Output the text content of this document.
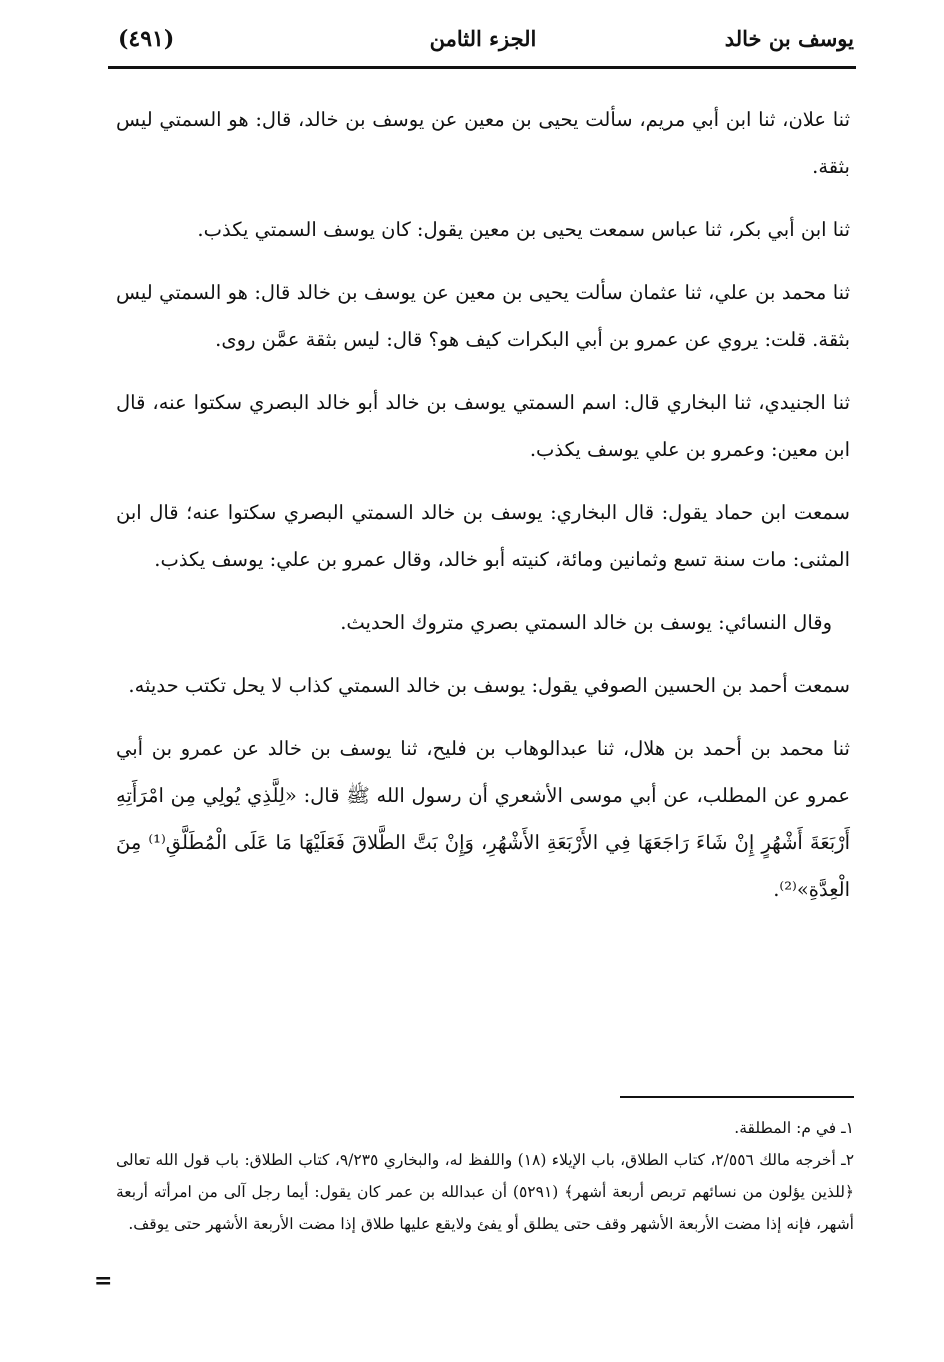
يوسف بن خالد
الجزء الثامن
(٤٩١)

ثنا علان، ثنا ابن أبي مريم، سألت يحيى بن معين عن يوسف بن خالد، قال: هو السمتي ليس بثقة.

ثنا ابن أبي بكر، ثنا عباس سمعت يحيى بن معين يقول: كان يوسف السمتي يكذب.

ثنا محمد بن علي، ثنا عثمان سألت يحيى بن معين عن يوسف بن خالد قال: هو السمتي ليس بثقة. قلت: يروي عن عمرو بن أبي البكرات كيف هو؟ قال: ليس بثقة عمَّن روى.

ثنا الجنيدي، ثنا البخاري قال: اسم السمتي يوسف بن خالد أبو خالد البصري سكتوا عنه، قال ابن معين: وعمرو بن علي يوسف يكذب.

سمعت ابن حماد يقول: قال البخاري: يوسف بن خالد السمتي البصري سكتوا عنه؛ قال ابن المثنى: مات سنة تسع وثمانين ومائة، كنيته أبو خالد، وقال عمرو بن علي: يوسف يكذب.

وقال النسائي: يوسف بن خالد السمتي بصري متروك الحديث.

سمعت أحمد بن الحسين الصوفي يقول: يوسف بن خالد السمتي كذاب لا يحل تكتب حديثه.

ثنا محمد بن أحمد بن هلال، ثنا عبدالوهاب بن فليح، ثنا يوسف بن خالد عن عمرو بن أبي عمرو عن المطلب، عن أبي موسى الأشعري أن رسول الله ﷺ قال: «لِلَّذِي يُولِي مِن امْرَأَتِهِ أَرْبَعَةَ أَشْهُرٍ إِنْ شَاءَ رَاجَعَهَا فِي الأَرْبَعَةِ الأَشْهُرِ، وَإِنْ بَتَّ الطَّلاقَ فَعَلَيْهَا مَا عَلَى الْمُطَلَّقِ⁽¹⁾ مِنَ الْعِدَّةِ»⁽²⁾.

١ـ في م: المطلقة.

٢ـ أخرجه مالك ٢/٥٥٦، كتاب الطلاق، باب الإيلاء (١٨) واللفظ له، والبخاري ٩/٢٣٥، كتاب الطلاق: باب قول الله تعالى ﴿للذين يؤلون من نسائهم تربص أربعة أشهر﴾ (٥٢٩١) أن عبدالله بن عمر كان يقول: أيما رجل آلى من امرأته أربعة أشهر، فإنه إذا مضت الأربعة الأشهر وقف حتى يطلق أو يفئ ولايقع عليها طلاق إذا مضت الأربعة الأشهر حتى يوقف.

=
